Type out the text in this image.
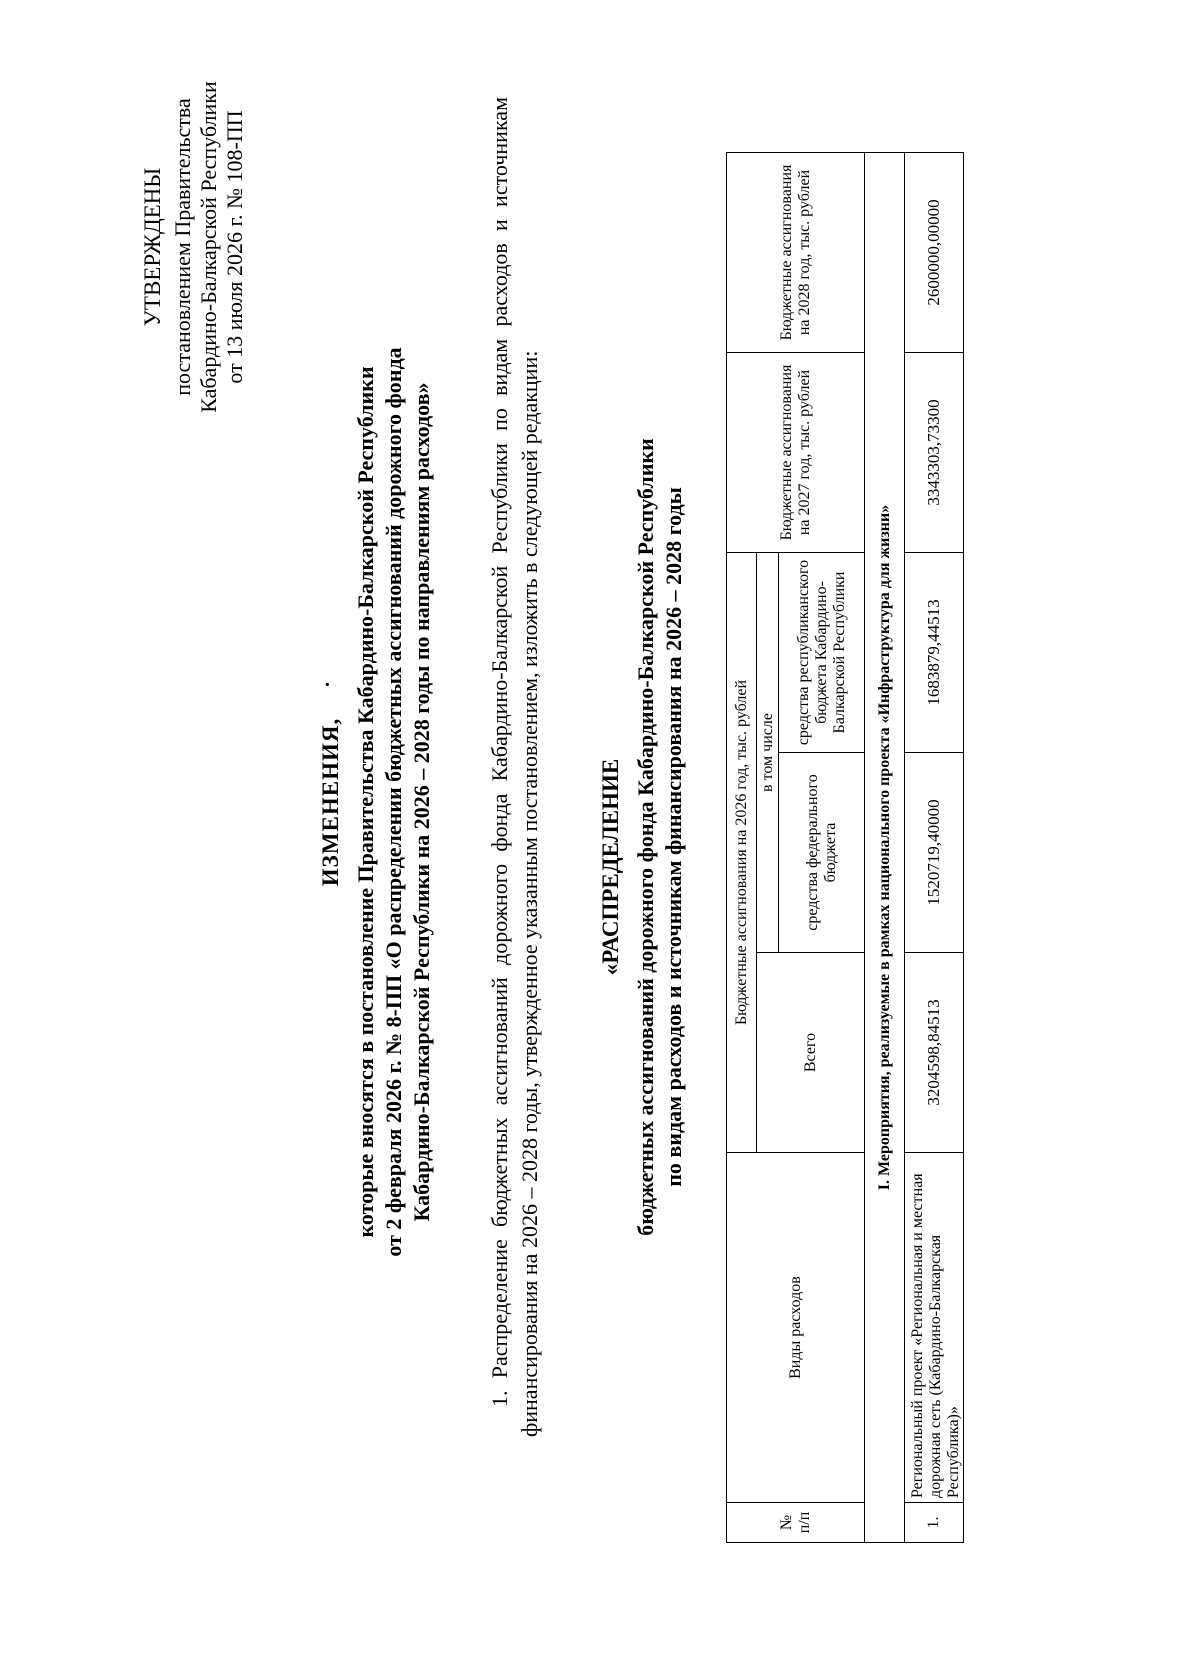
УТВЕРЖДЕНЫ постановлением Правительства Кабардино-Балкарской Республики от 13 июля 2026 г. № 108-ПП
.
ИЗМЕНЕНИЯ, которые вносятся в постановление Правительства Кабардино-Балкарской Республики от 2 февраля 2026 г. № 8-ПП «О распределении бюджетных ассигнований дорожного фонда Кабардино-Балкарской Республики на 2026 – 2028 годы по направлениям расходов» 1. Распределение бюджетных ассигнований дорожного фонда Кабардино-Балкарской Республики по видам расходов и источникам финансирования на 2026 – 2028 годы, утвержденное указанным постановлением, изложить в следующей редакции: «РАСПРЕДЕЛЕНИЕ бюджетных ассигнований дорожного фонда Кабардино-Балкарской Республики по видам расходов и источникам финансирования на 2026 – 2028 годы
№ п/п	Виды расходов	Бюджетные ассигнования на 2026 год, тыс. рублей			Бюджетные ассигнования на 2027 год, тыс. рублей	Бюджетные ассигнования на 2028 год, тыс. рублей
		Всего	в том числе			
			средства федерального бюджета	средства республиканского бюджета Кабардино-Балкарской Республики		
I. Мероприятия, реализуемые в рамках национального проекта «Инфраструктура для жизни»						
1.	Региональный проект «Региональная и местная дорожная сеть (Кабардино-Балкарская Республика)»	3204598,84513	1520719,40000	1683879,44513	3343303,73300	2600000,00000
